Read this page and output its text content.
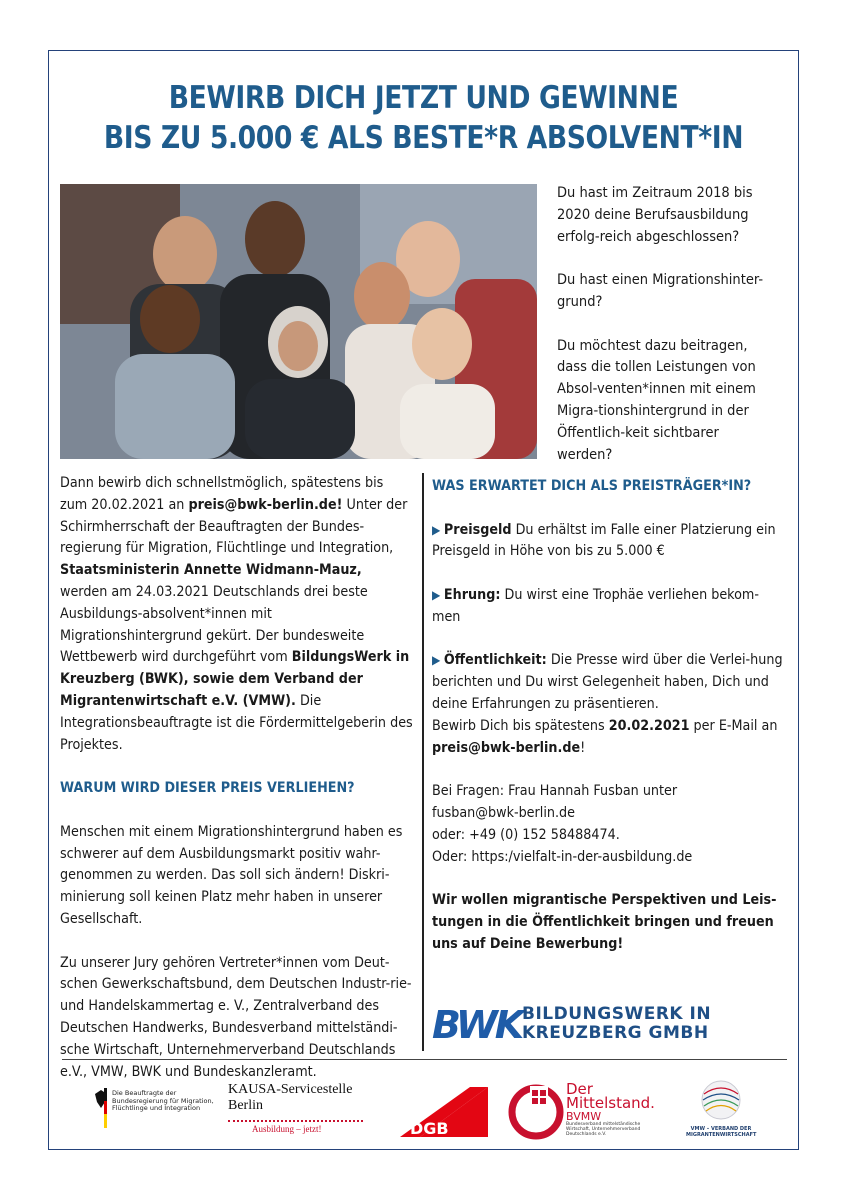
BEWIRB DICH JETZT UND GEWINNE
BIS ZU 5.000 € ALS BESTE*R ABSOLVENT*IN

Du hast im Zeitraum 2018 bis 2020 deine Berufsausbildung erfolg-reich abgeschlossen?

Du hast einen Migrationshinter-grund?

Du möchtest dazu beitragen, dass die tollen Leistungen von Absol-venten*innen mit einem Migra-tionshintergrund in der Öffentlich-keit sichtbarer werden?

Dann bewirb dich schnellstmöglich, spätestens bis zum 20.02.2021 an preis@bwk-berlin.de! Unter der Schirmherrschaft der Beauftragten der Bundes-regierung für Migration, Flüchtlinge und Integration, Staatsministerin Annette Widmann-Mauz, werden am 24.03.2021 Deutschlands drei beste Ausbildungs-absolvent*innen mit Migrationshintergrund gekürt. Der bundesweite Wettbewerb wird durchgeführt vom BildungsWerk in Kreuzberg (BWK), sowie dem Verband der Migrantenwirtschaft e.V. (VMW). Die Integrationsbeauftragte ist die Fördermittelgeberin des Projektes.

WARUM WIRD DIESER PREIS VERLIEHEN?

Menschen mit einem Migrationshintergrund haben es schwerer auf dem Ausbildungsmarkt positiv wahr-genommen zu werden. Das soll sich ändern! Diskri-minierung soll keinen Platz mehr haben in unserer Gesellschaft.

Zu unserer Jury gehören Vertreter*innen vom Deut-schen Gewerkschaftsbund, dem Deutschen Industr-rie- und Handelskammertag e. V., Zentralverband des Deutschen Handwerks, Bundesverband mittelständi-sche Wirtschaft, Unternehmerverband Deutschlands e.V., VMW, BWK und Bundeskanzleramt.

WAS ERWARTET DICH ALS PREISTRÄGER*IN?

▶ Preisgeld Du erhältst im Falle einer Platzierung ein Preisgeld in Höhe von bis zu 5.000 €

▶ Ehrung: Du wirst eine Trophäe verliehen bekom-men

▶ Öffentlichkeit: Die Presse wird über die Verlei-hung berichten und Du wirst Gelegenheit haben, Dich und deine Erfahrungen zu präsentieren.

Bewirb Dich bis spätestens 20.02.2021 per E-Mail an preis@bwk-berlin.de!

Bei Fragen: Frau Hannah Fusban unter
fusban@bwk-berlin.de
oder: +49 (0) 152 58488474.
Oder: https:/vielfalt-in-der-ausbildung.de

Wir wollen migrantische Perspektiven und Leis-tungen in die Öffentlichkeit bringen und freuen uns auf Deine Bewerbung!

BWK BILDUNGSWERK IN
KREUZBERG GMBH
Die Beauftragte der Bundesregierung für Migration, Flüchtlinge und Integration
KAUSA-Servicestelle
Berlin
Ausbildung – jetzt!	DGB
Der
Mittelstand.
BVMW
Bundesverband mittelständische Wirtschaft, Unternehmerverband Deutschlands e.V.
VMW – VERBAND DER MIGRANTENWIRTSCHAFT
